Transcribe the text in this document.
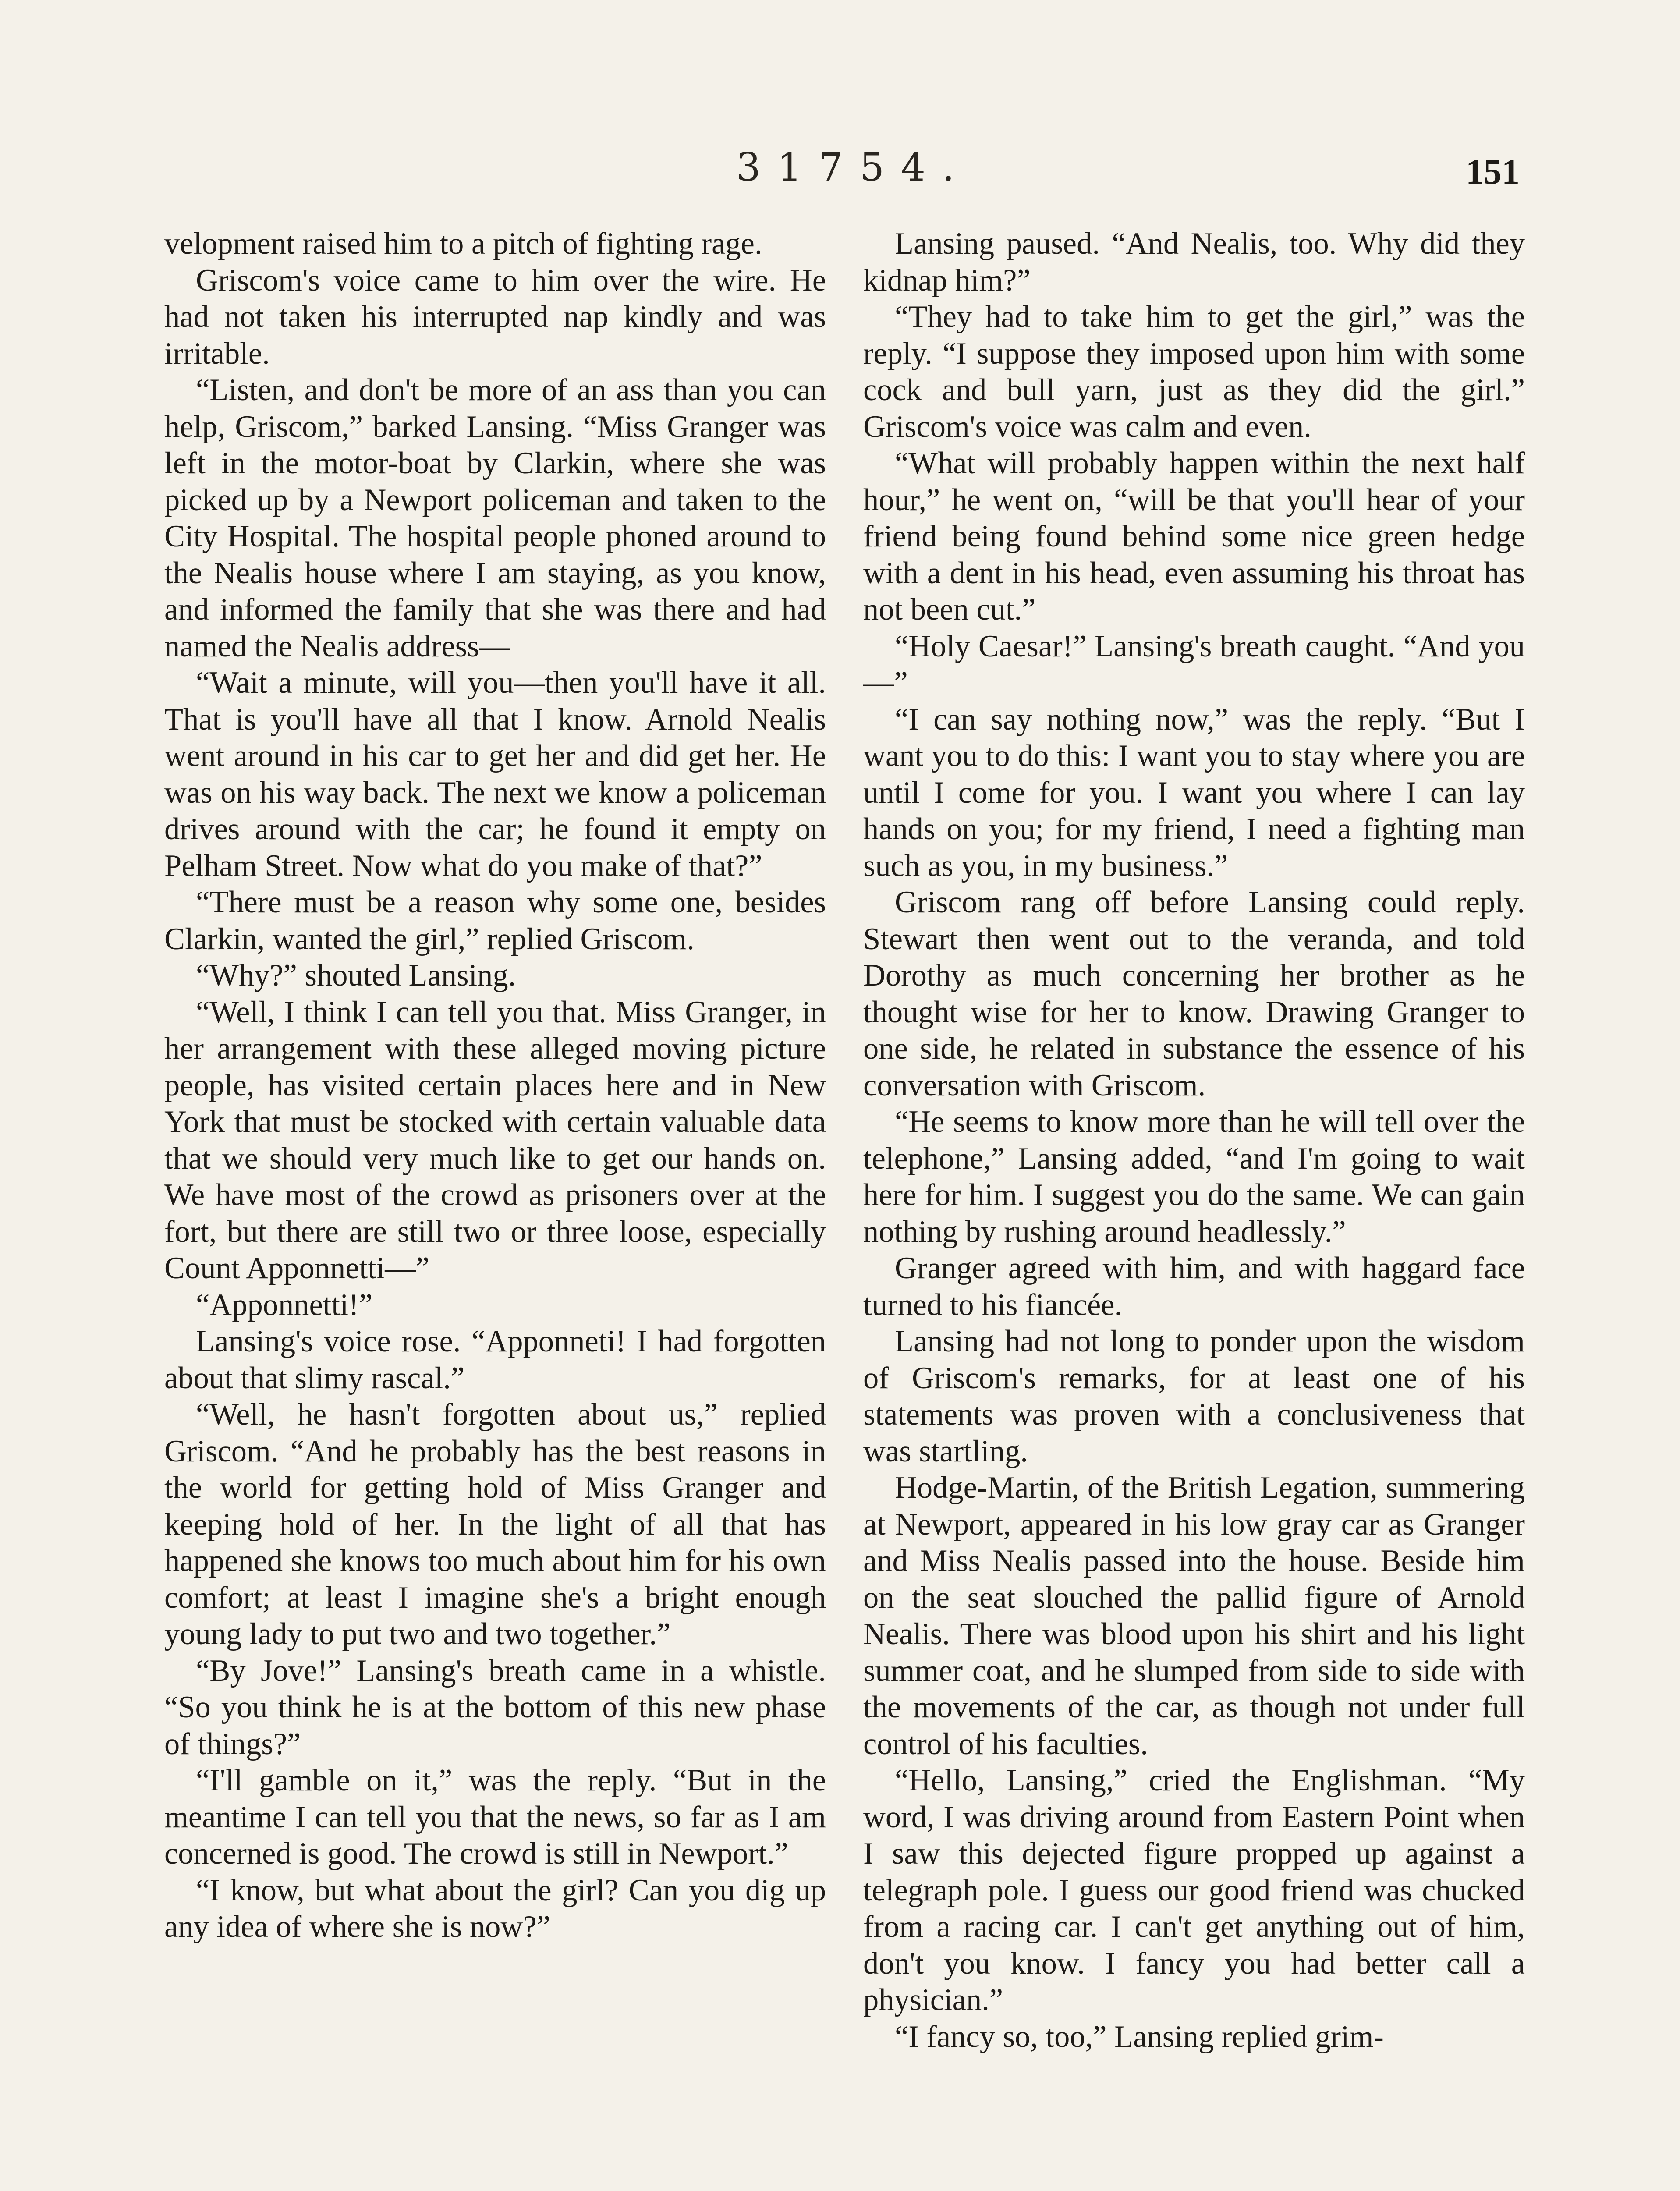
31754.	151

velopment raised him to a pitch of fighting rage.

Griscom's voice came to him over the wire. He had not taken his interrupted nap kindly and was irritable.

“Listen, and don't be more of an ass than you can help, Griscom,” barked Lansing. “Miss Granger was left in the motor-boat by Clarkin, where she was picked up by a Newport policeman and taken to the City Hospital. The hospital people phoned around to the Nealis house where I am staying, as you know, and informed the family that she was there and had named the Nealis address—

“Wait a minute, will you—then you'll have it all. That is you'll have all that I know. Arnold Nealis went around in his car to get her and did get her. He was on his way back. The next we know a policeman drives around with the car; he found it empty on Pelham Street. Now what do you make of that?”

“There must be a reason why some one, besides Clarkin, wanted the girl,” replied Griscom.

“Why?” shouted Lansing.

“Well, I think I can tell you that. Miss Granger, in her arrangement with these alleged moving picture people, has visited certain places here and in New York that must be stocked with certain valuable data that we should very much like to get our hands on. We have most of the crowd as prisoners over at the fort, but there are still two or three loose, especially Count Apponnetti—”

“Apponnetti!”

Lansing's voice rose. “Apponneti! I had forgotten about that slimy rascal.”

“Well, he hasn't forgotten about us,” replied Griscom. “And he probably has the best reasons in the world for getting hold of Miss Granger and keeping hold of her. In the light of all that has happened she knows too much about him for his own comfort; at least I imagine she's a bright enough young lady to put two and two together.”

“By Jove!” Lansing's breath came in a whistle. “So you think he is at the bottom of this new phase of things?”

“I'll gamble on it,” was the reply. “But in the meantime I can tell you that the news, so far as I am concerned is good. The crowd is still in Newport.”

“I know, but what about the girl? Can you dig up any idea of where she is now?”

Lansing paused. “And Nealis, too. Why did they kidnap him?”

“They had to take him to get the girl,” was the reply. “I suppose they imposed upon him with some cock and bull yarn, just as they did the girl.” Griscom's voice was calm and even.

“What will probably happen within the next half hour,” he went on, “will be that you'll hear of your friend being found behind some nice green hedge with a dent in his head, even assuming his throat has not been cut.”

“Holy Caesar!” Lansing's breath caught. “And you—”

“I can say nothing now,” was the reply. “But I want you to do this: I want you to stay where you are until I come for you. I want you where I can lay hands on you; for my friend, I need a fighting man such as you, in my business.”

Griscom rang off before Lansing could reply. Stewart then went out to the veranda, and told Dorothy as much concerning her brother as he thought wise for her to know. Drawing Granger to one side, he related in substance the essence of his conversation with Griscom.

“He seems to know more than he will tell over the telephone,” Lansing added, “and I'm going to wait here for him. I suggest you do the same. We can gain nothing by rushing around headlessly.”

Granger agreed with him, and with haggard face turned to his fiancée.

Lansing had not long to ponder upon the wisdom of Griscom's remarks, for at least one of his statements was proven with a conclusiveness that was startling.

Hodge-Martin, of the British Legation, summering at Newport, appeared in his low gray car as Granger and Miss Nealis passed into the house. Beside him on the seat slouched the pallid figure of Arnold Nealis. There was blood upon his shirt and his light summer coat, and he slumped from side to side with the movements of the car, as though not under full control of his faculties.

“Hello, Lansing,” cried the Englishman. “My word, I was driving around from Eastern Point when I saw this dejected figure propped up against a telegraph pole. I guess our good friend was chucked from a racing car. I can't get anything out of him, don't you know. I fancy you had better call a physician.”

“I fancy so, too,” Lansing replied grim-
